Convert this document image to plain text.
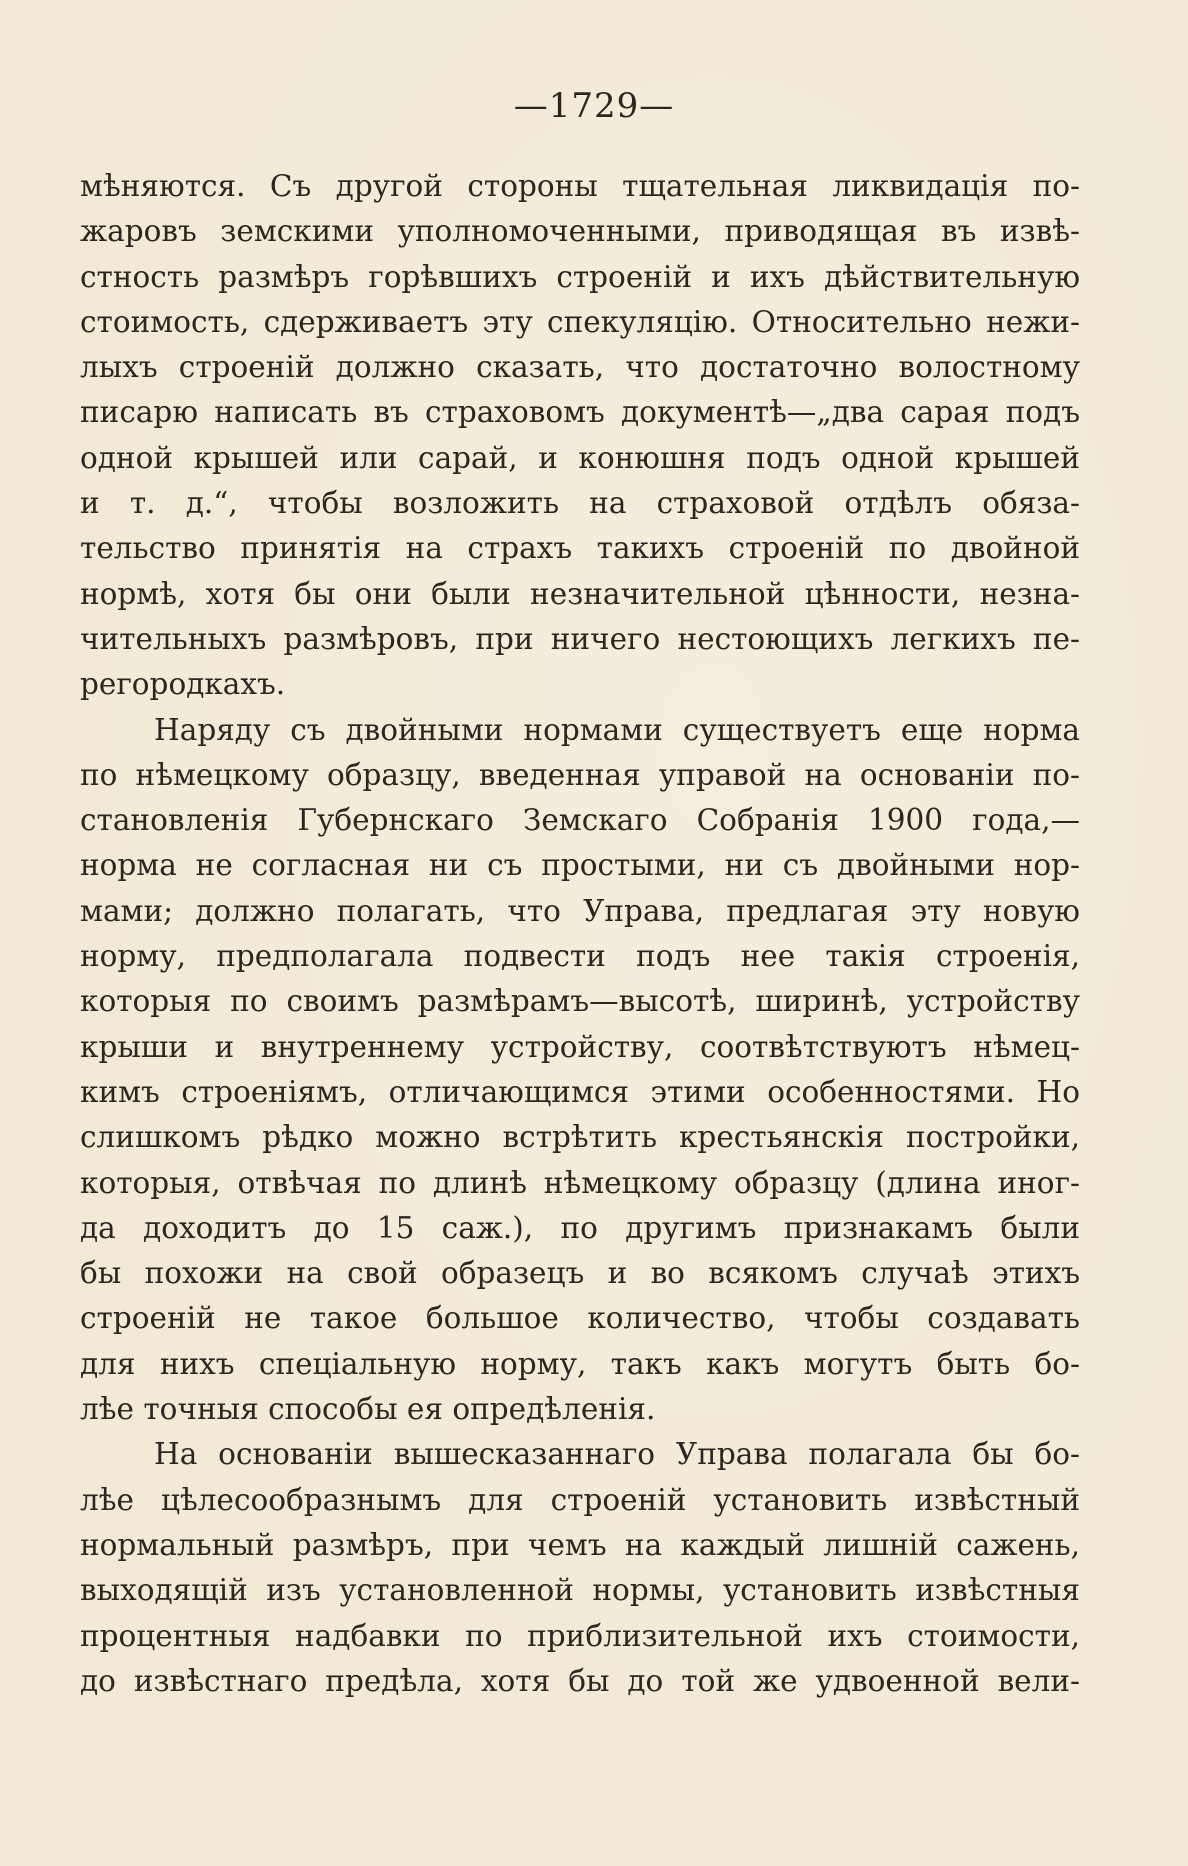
—1729—
мѣняются. Съ другой стороны тщательная ликвидація по-
жаровъ земскими уполномоченными, приводящая въ извѣ-
стность размѣръ горѣвшихъ строеній и ихъ дѣйствительную
стоимость, сдерживаетъ эту спекуляцію. Относительно нежи-
лыхъ строеній должно сказать, что достаточно волостному
писарю написать въ страховомъ документѣ—„два сарая подъ
одной крышей или сарай, и конюшня подъ одной крышей
и т. д.“, чтобы возложить на страховой отдѣлъ обяза-
тельство принятія на страхъ такихъ строеній по двойной
нормѣ, хотя бы они были незначительной цѣнности, незна-
чительныхъ размѣровъ, при ничего нестоющихъ легкихъ пе-
регородкахъ.
Наряду съ двойными нормами существуетъ еще норма
по нѣмецкому образцу, введенная управой на основаніи по-
становленія Губернскаго Земскаго Собранія 1900 года,—
норма не согласная ни съ простыми, ни съ двойными нор-
мами; должно полагать, что Управа, предлагая эту новую
норму, предполагала подвести подъ нее такія строенія,
которыя по своимъ размѣрамъ—высотѣ, ширинѣ, устройству
крыши и внутреннему устройству, соотвѣтствуютъ нѣмец-
кимъ строеніямъ, отличающимся этими особенностями. Но
слишкомъ рѣдко можно встрѣтить крестьянскія постройки,
которыя, отвѣчая по длинѣ нѣмецкому образцу (длина иног-
да доходитъ до 15 саж.), по другимъ признакамъ были
бы похожи на свой образецъ и во всякомъ случаѣ этихъ
строеній не такое большое количество, чтобы создавать
для нихъ спеціальную норму, такъ какъ могутъ быть бо-
лѣе точныя способы ея опредѣленія.
На основаніи вышесказаннаго Управа полагала бы бо-
лѣе цѣлесообразнымъ для строеній установить извѣстный
нормальный размѣръ, при чемъ на каждый лишній сажень,
выходящій изъ установленной нормы, установить извѣстныя
процентныя надбавки по приблизительной ихъ стоимости,
до извѣстнаго предѣла, хотя бы до той же удвоенной вели-
